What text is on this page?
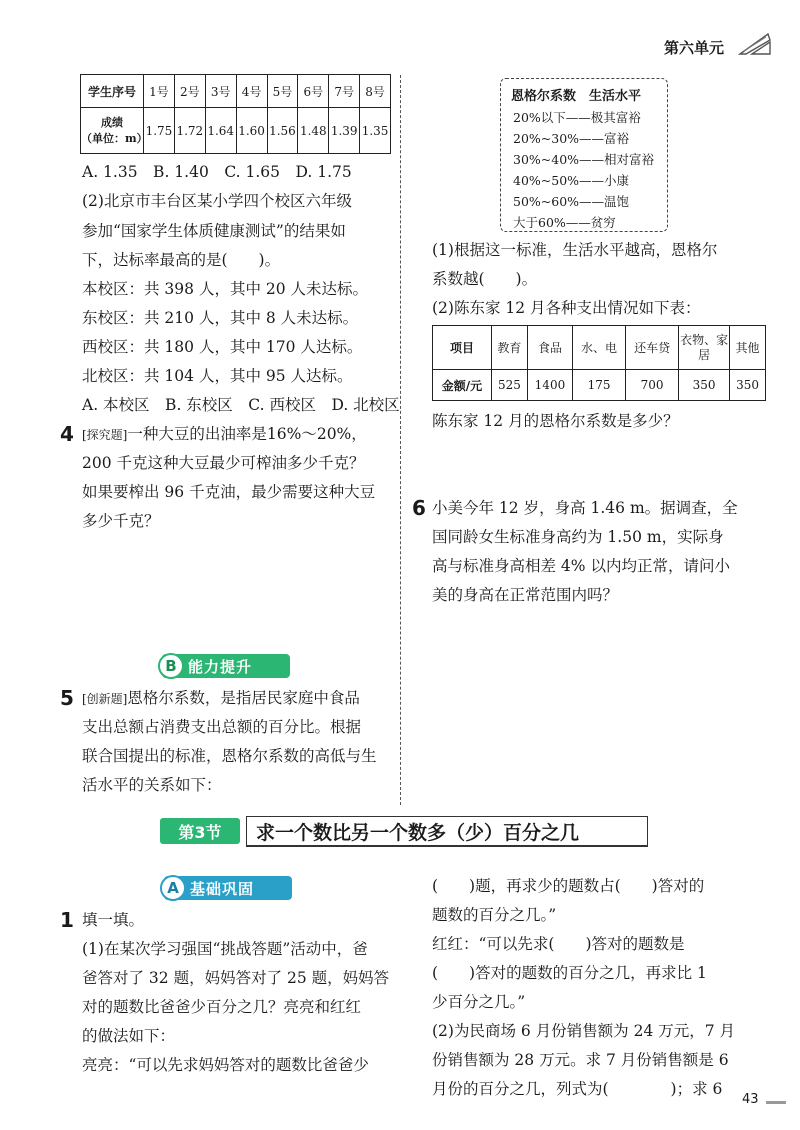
第六单元
学生序号	1号	2号	3号	4号	5号	6号	7号	8号

成绩
（单位：m）	1.75	1.72	1.64	1.60	1.56	1.48	1.39	1.35
A. 1.35　B. 1.40　C. 1.65　D. 1.75
(2)北京市丰台区某小学四个校区六年级
参加“国家学生体质健康测试”的结果如
下，达标率最高的是(　　)。
本校区：共 398 人，其中 20 人未达标。
东校区：共 210 人，其中 8 人未达标。
西校区：共 180 人，其中 170 人达标。
北校区：共 104 人，其中 95 人达标。
A. 本校区　B. 东校区　C. 西校区　D. 北校区
4 [探究题]一种大豆的出油率是16%～20%，
200 千克这种大豆最少可榨油多少千克？
如果要榨出 96 千克油，最少需要这种大豆
多少千克？
B 能力提升
5 [创新题]恩格尔系数，是指居民家庭中食品
支出总额占消费支出总额的百分比。根据
联合国提出的标准，恩格尔系数的高低与生
活水平的关系如下：
恩格尔系数　生活水平
20%以下——极其富裕
20%~30%——富裕
30%~40%——相对富裕
40%~50%——小康
50%~60%——温饱
大于60%——贫穷
(1)根据这一标准，生活水平越高，恩格尔
系数越(　　)。
(2)陈东家 12 月各种支出情况如下表：
项目	教育	食品	水、电	还车贷	衣物、家居	其他
金额/元	525	1400	175	700	350	350
陈东家 12 月的恩格尔系数是多少？
6 小美今年 12 岁，身高 1.46 m。据调查，全
国同龄女生标准身高约为 1.50 m，实际身
高与标准身高相差 4% 以内均正常，请问小
美的身高在正常范围内吗？
第3节	求一个数比另一个数多（少）百分之几
A 基础巩固
1 填一填。
(1)在某次学习强国“挑战答题”活动中，爸
爸答对了 32 题，妈妈答对了 25 题，妈妈答
对的题数比爸爸少百分之几？亮亮和红红
的做法如下：
亮亮：“可以先求妈妈答对的题数比爸爸少
(　　)题，再求少的题数占(　　)答对的
题数的百分之几。”
红红：“可以先求(　　)答对的题数是
(　　)答对的题数的百分之几，再求比 1
少百分之几。”
(2)为民商场 6 月份销售额为 24 万元，7 月
份销售额为 28 万元。求 7 月份销售额是 6
月份的百分之几，列式为(　　　　)；求 6
43
